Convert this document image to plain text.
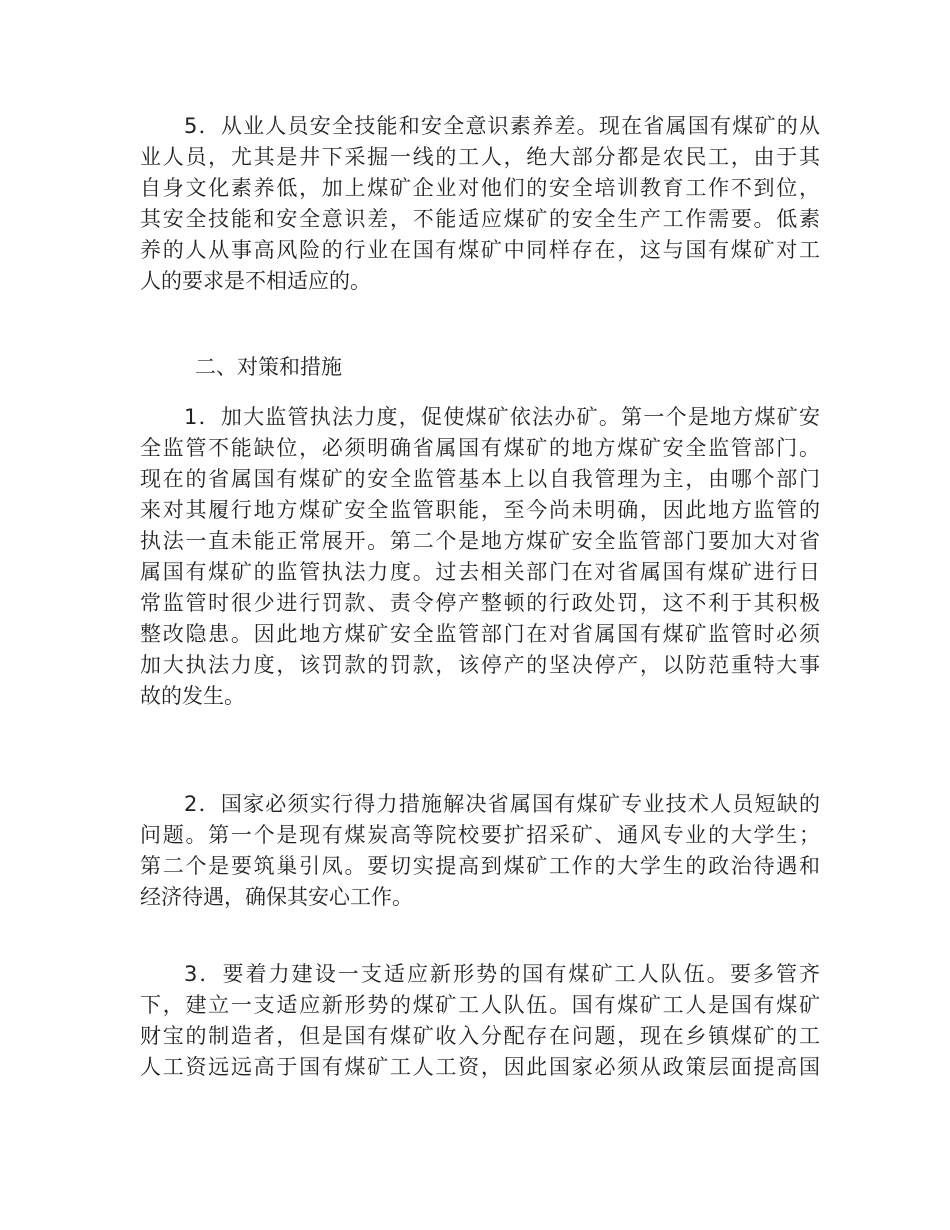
5．从业人员安全技能和安全意识素养差。现在省属国有煤矿的从
业人员，尤其是井下采掘一线的工人，绝大部分都是农民工，由于其
自身文化素养低，加上煤矿企业对他们的安全培训教育工作不到位，
其安全技能和安全意识差，不能适应煤矿的安全生产工作需要。低素
养的人从事高风险的行业在国有煤矿中同样存在，这与国有煤矿对工
人的要求是不相适应的。
二、对策和措施
1．加大监管执法力度，促使煤矿依法办矿。第一个是地方煤矿安
全监管不能缺位，必须明确省属国有煤矿的地方煤矿安全监管部门。
现在的省属国有煤矿的安全监管基本上以自我管理为主，由哪个部门
来对其履行地方煤矿安全监管职能，至今尚未明确，因此地方监管的
执法一直未能正常展开。第二个是地方煤矿安全监管部门要加大对省
属国有煤矿的监管执法力度。过去相关部门在对省属国有煤矿进行日
常监管时很少进行罚款、责令停产整顿的行政处罚，这不利于其积极
整改隐患。因此地方煤矿安全监管部门在对省属国有煤矿监管时必须
加大执法力度，该罚款的罚款，该停产的坚决停产，以防范重特大事
故的发生。
2．国家必须实行得力措施解决省属国有煤矿专业技术人员短缺的
问题。第一个是现有煤炭高等院校要扩招采矿、通风专业的大学生；
第二个是要筑巢引凤。要切实提高到煤矿工作的大学生的政治待遇和
经济待遇，确保其安心工作。
3．要着力建设一支适应新形势的国有煤矿工人队伍。要多管齐
下，建立一支适应新形势的煤矿工人队伍。国有煤矿工人是国有煤矿
财宝的制造者，但是国有煤矿收入分配存在问题，现在乡镇煤矿的工
人工资远远高于国有煤矿工人工资，因此国家必须从政策层面提高国
